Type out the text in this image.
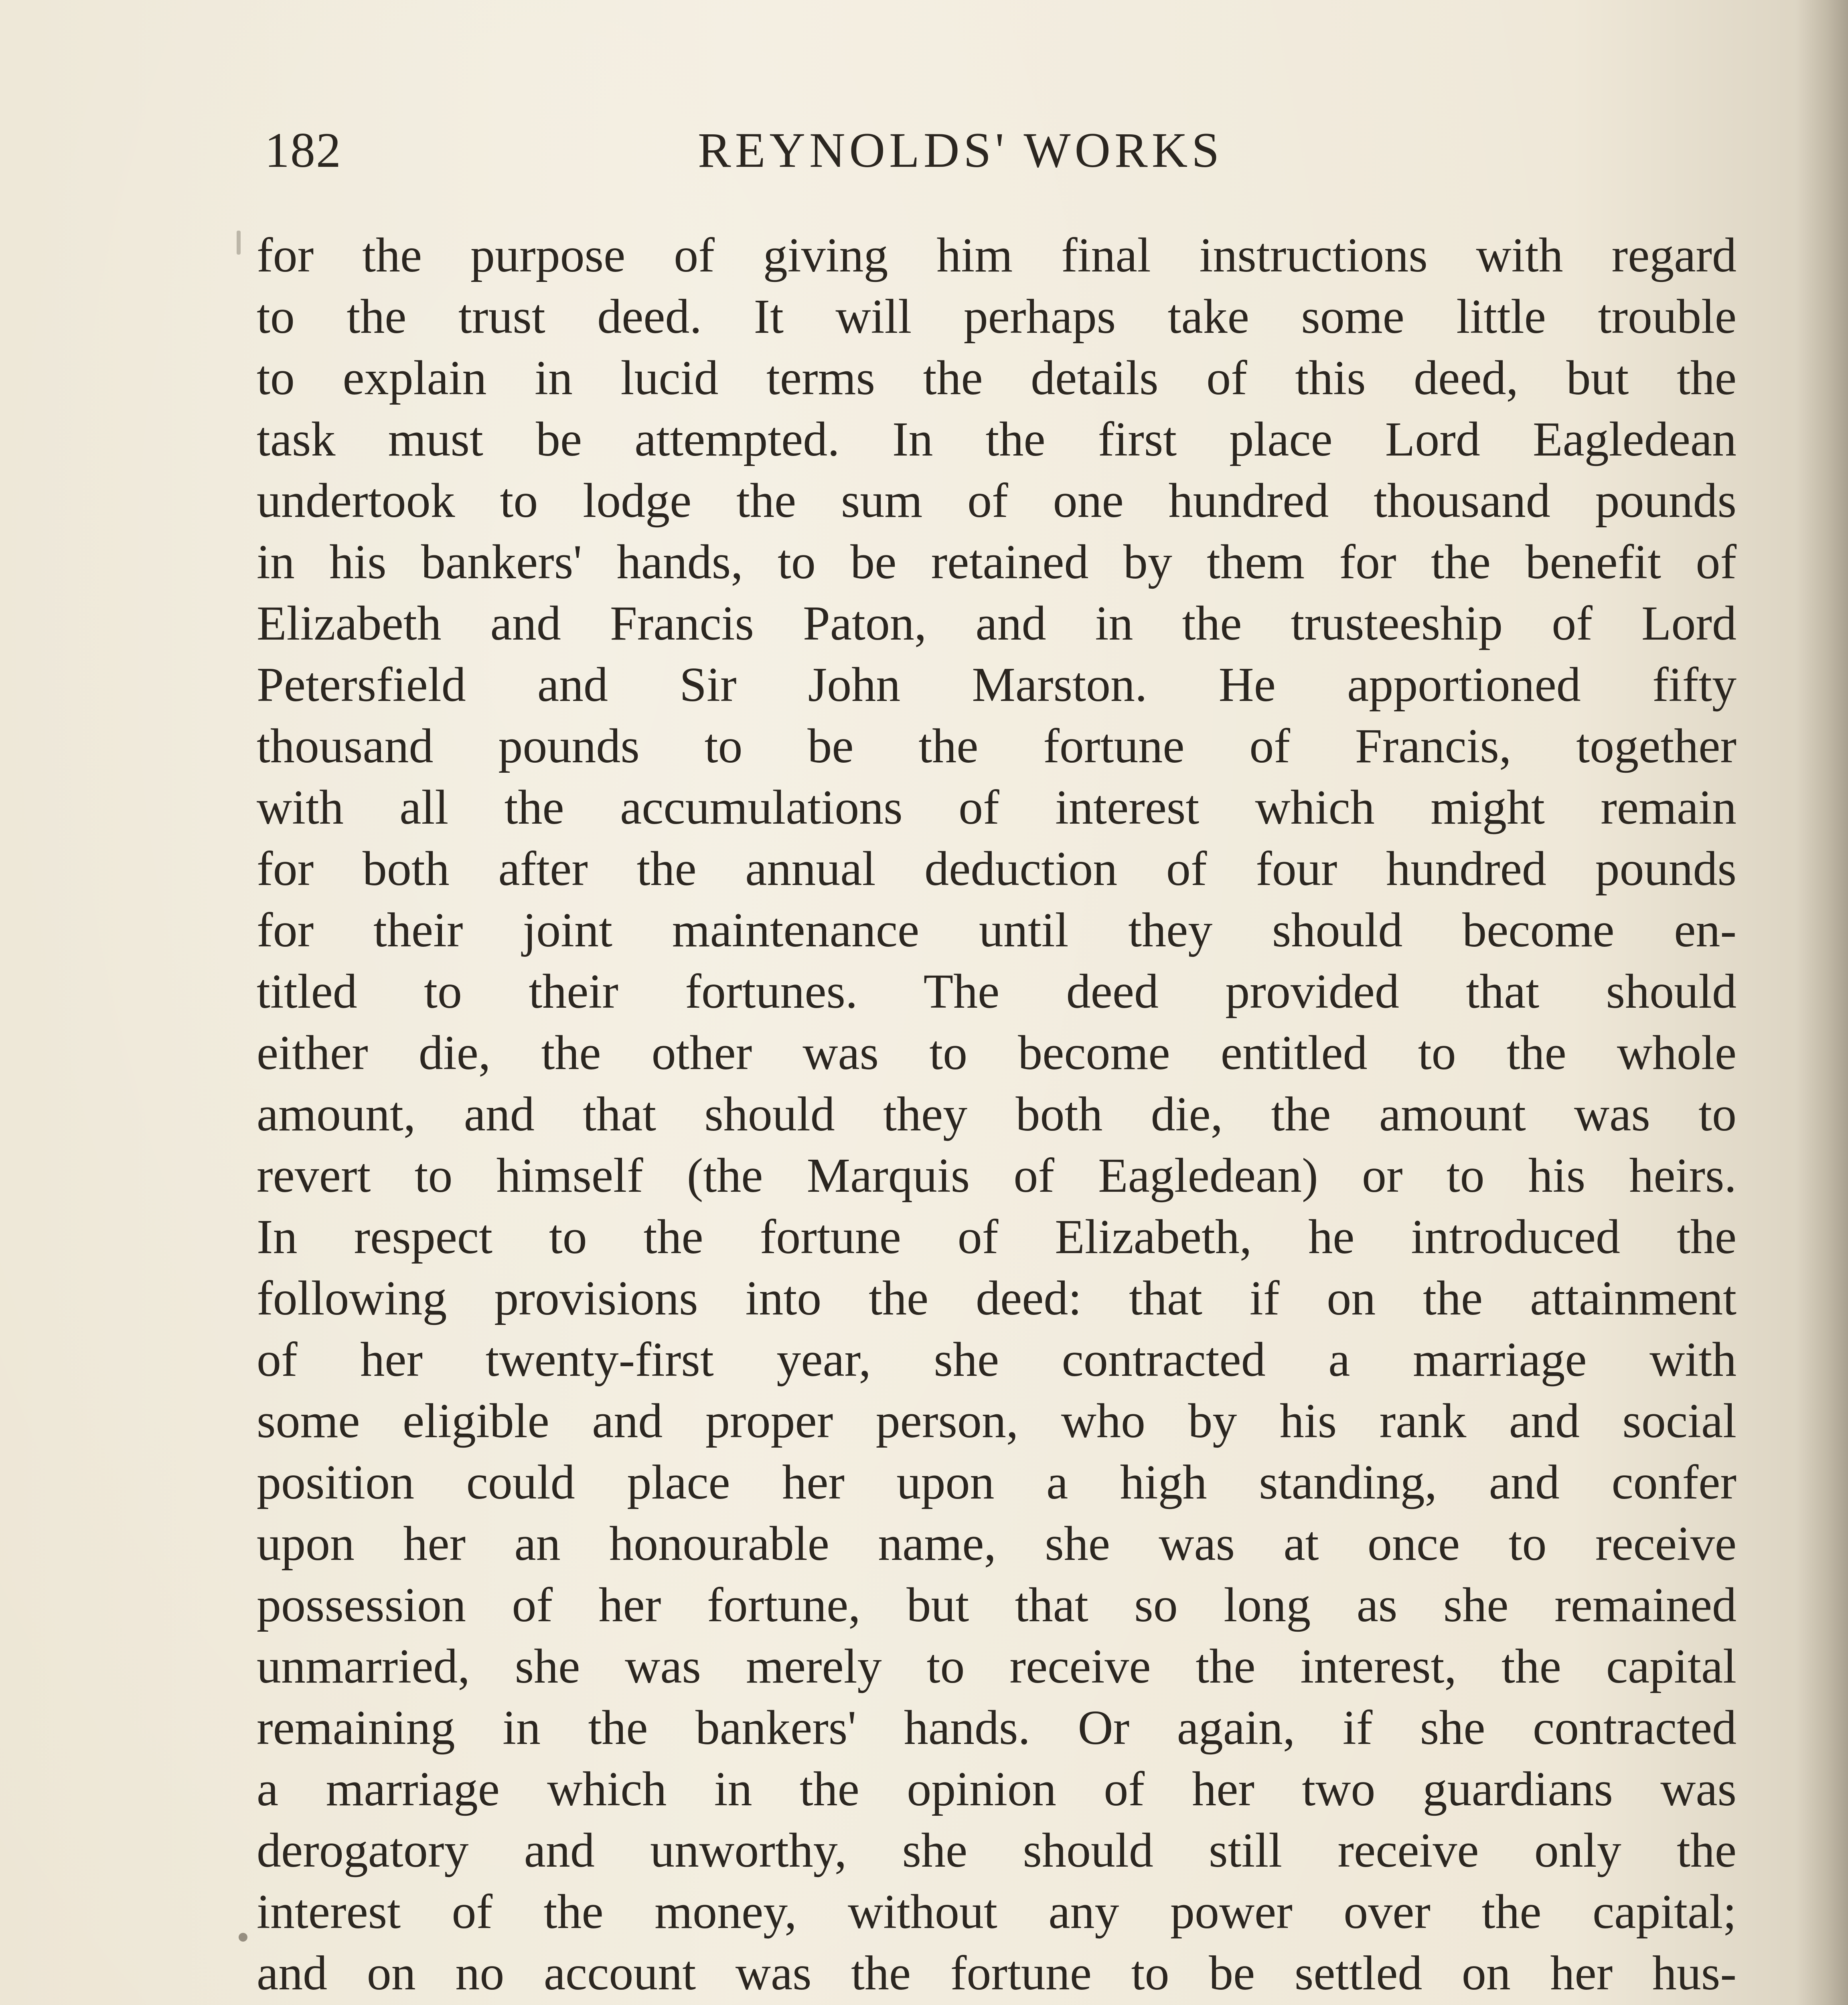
182	REYNOLDS' WORKS
for the purpose of giving him final instructions with regard
to the trust deed. It will perhaps take some little trouble
to explain in lucid terms the details of this deed, but the
task must be attempted. In the first place Lord Eagledean
undertook to lodge the sum of one hundred thousand pounds
in his bankers' hands, to be retained by them for the benefit of
Elizabeth and Francis Paton, and in the trusteeship of Lord
Petersfield and Sir John Marston. He apportioned fifty
thousand pounds to be the fortune of Francis, together
with all the accumulations of interest which might remain
for both after the annual deduction of four hundred pounds
for their joint maintenance until they should become en-
titled to their fortunes. The deed provided that should
either die, the other was to become entitled to the whole
amount, and that should they both die, the amount was to
revert to himself (the Marquis of Eagledean) or to his heirs.
In respect to the fortune of Elizabeth, he introduced the
following provisions into the deed: that if on the attainment
of her twenty-first year, she contracted a marriage with
some eligible and proper person, who by his rank and social
position could place her upon a high standing, and confer
upon her an honourable name, she was at once to receive
possession of her fortune, but that so long as she remained
unmarried, she was merely to receive the interest, the capital
remaining in the bankers' hands. Or again, if she contracted
a marriage which in the opinion of her two guardians was
derogatory and unworthy, she should still receive only the
interest of the money, without any power over the capital;
and on no account was the fortune to be settled on her hus-
